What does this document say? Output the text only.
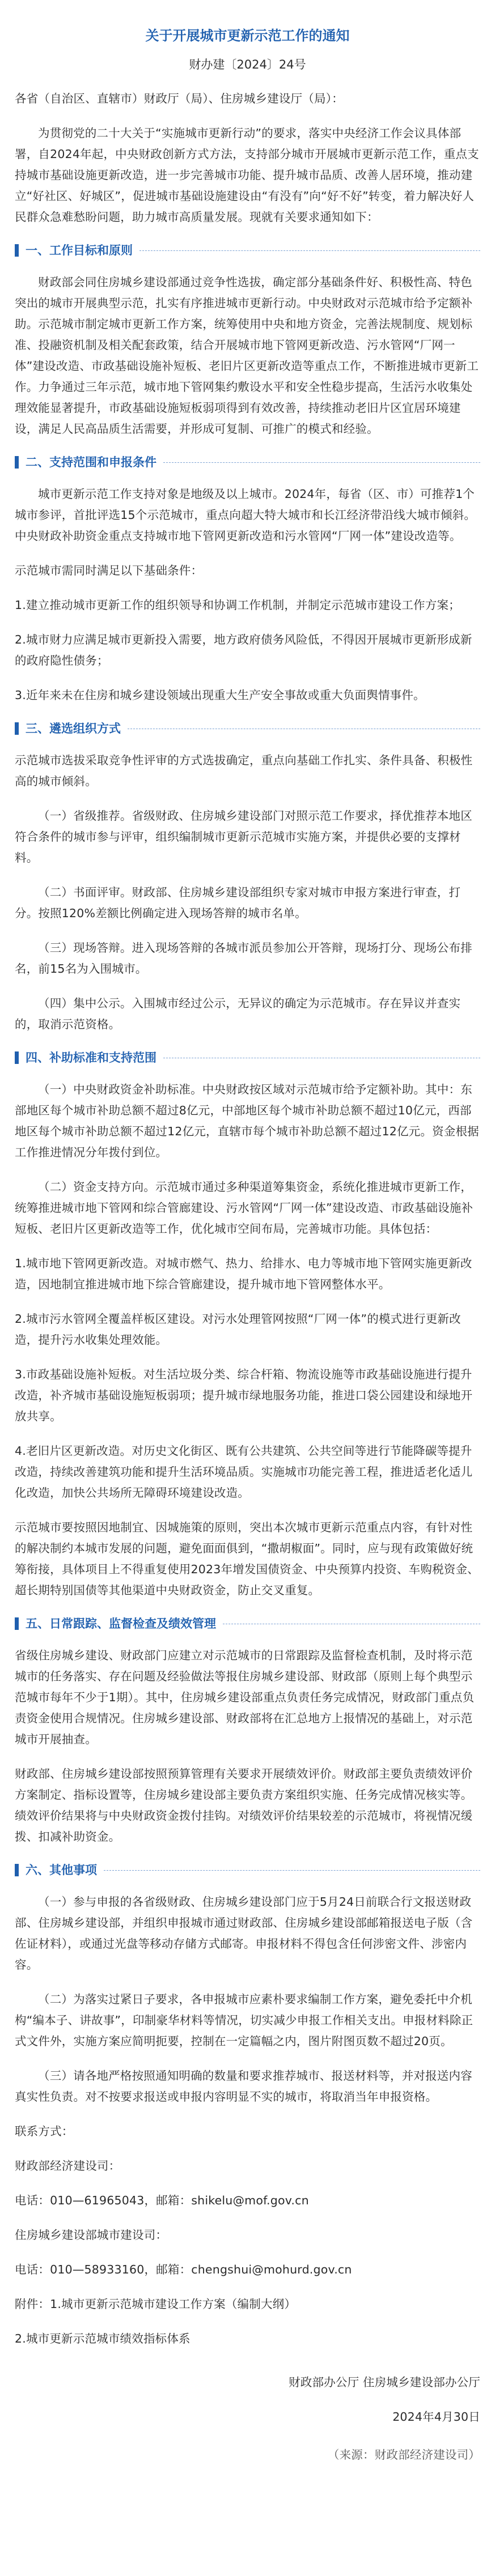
关于开展城市更新示范工作的通知
财办建〔2024〕24号

各省（自治区、直辖市）财政厅（局）、住房城乡建设厅（局）：

为贯彻党的二十大关于“实施城市更新行动”的要求，落实中央经济工作会议具体部署，自2024年起，中央财政创新方式方法，支持部分城市开展城市更新示范工作，重点支持城市基础设施更新改造，进一步完善城市功能、提升城市品质、改善人居环境，推动建立“好社区、好城区”，促进城市基础设施建设由“有没有”向“好不好”转变，着力解决好人民群众急难愁盼问题，助力城市高质量发展。现就有关要求通知如下：

一、工作目标和原则

财政部会同住房城乡建设部通过竞争性选拔，确定部分基础条件好、积极性高、特色突出的城市开展典型示范，扎实有序推进城市更新行动。中央财政对示范城市给予定额补助。示范城市制定城市更新工作方案，统筹使用中央和地方资金，完善法规制度、规划标准、投融资机制及相关配套政策，结合开展城市地下管网更新改造、污水管网“厂网一体”建设改造、市政基础设施补短板、老旧片区更新改造等重点工作，不断推进城市更新工作。力争通过三年示范，城市地下管网集约敷设水平和安全性稳步提高，生活污水收集处理效能显著提升，市政基础设施短板弱项得到有效改善，持续推动老旧片区宜居环境建设，满足人民高品质生活需要，并形成可复制、可推广的模式和经验。

二、支持范围和申报条件

城市更新示范工作支持对象是地级及以上城市。2024年，每省（区、市）可推荐1个城市参评，首批评选15个示范城市，重点向超大特大城市和长江经济带沿线大城市倾斜。中央财政补助资金重点支持城市地下管网更新改造和污水管网“厂网一体”建设改造等。

示范城市需同时满足以下基础条件：

1.建立推动城市更新工作的组织领导和协调工作机制，并制定示范城市建设工作方案；

2.城市财力应满足城市更新投入需要，地方政府债务风险低，不得因开展城市更新形成新的政府隐性债务；

3.近年来未在住房和城乡建设领域出现重大生产安全事故或重大负面舆情事件。

三、遴选组织方式

示范城市选拔采取竞争性评审的方式选拔确定，重点向基础工作扎实、条件具备、积极性高的城市倾斜。

（一）省级推荐。省级财政、住房城乡建设部门对照示范工作要求，择优推荐本地区符合条件的城市参与评审，组织编制城市更新示范城市实施方案，并提供必要的支撑材料。

（二）书面评审。财政部、住房城乡建设部组织专家对城市申报方案进行审查，打分。按照120%差额比例确定进入现场答辩的城市名单。

（三）现场答辩。进入现场答辩的各城市派员参加公开答辩，现场打分、现场公布排名，前15名为入围城市。

（四）集中公示。入围城市经过公示，无异议的确定为示范城市。存在异议并查实的，取消示范资格。

四、补助标准和支持范围

（一）中央财政资金补助标准。中央财政按区域对示范城市给予定额补助。其中：东部地区每个城市补助总额不超过8亿元，中部地区每个城市补助总额不超过10亿元，西部地区每个城市补助总额不超过12亿元，直辖市每个城市补助总额不超过12亿元。资金根据工作推进情况分年拨付到位。

（二）资金支持方向。示范城市通过多种渠道筹集资金，系统化推进城市更新工作，统筹推进城市地下管网和综合管廊建设、污水管网“厂网一体”建设改造、市政基础设施补短板、老旧片区更新改造等工作，优化城市空间布局，完善城市功能。具体包括：

1.城市地下管网更新改造。对城市燃气、热力、给排水、电力等城市地下管网实施更新改造，因地制宜推进城市地下综合管廊建设，提升城市地下管网整体水平。

2.城市污水管网全覆盖样板区建设。对污水处理管网按照“厂网一体”的模式进行更新改造，提升污水收集处理效能。

3.市政基础设施补短板。对生活垃圾分类、综合杆箱、物流设施等市政基础设施进行提升改造，补齐城市基础设施短板弱项；提升城市绿地服务功能，推进口袋公园建设和绿地开放共享。

4.老旧片区更新改造。对历史文化街区、既有公共建筑、公共空间等进行节能降碳等提升改造，持续改善建筑功能和提升生活环境品质。实施城市功能完善工程，推进适老化适儿化改造，加快公共场所无障碍环境建设改造。

示范城市要按照因地制宜、因城施策的原则，突出本次城市更新示范重点内容，有针对性的解决制约本城市发展的问题，避免面面俱到，“撒胡椒面”。同时，应与现有政策做好统筹衔接，具体项目上不得重复使用2023年增发国债资金、中央预算内投资、车购税资金、超长期特别国债等其他渠道中央财政资金，防止交叉重复。

五、日常跟踪、监督检查及绩效管理

省级住房城乡建设、财政部门应建立对示范城市的日常跟踪及监督检查机制，及时将示范城市的任务落实、存在问题及经验做法等报住房城乡建设部、财政部（原则上每个典型示范城市每年不少于1期）。其中，住房城乡建设部重点负责任务完成情况，财政部门重点负责资金使用合规情况。住房城乡建设部、财政部将在汇总地方上报情况的基础上，对示范城市开展抽查。

财政部、住房城乡建设部按照预算管理有关要求开展绩效评价。财政部主要负责绩效评价方案制定、指标设置等，住房城乡建设部主要负责方案组织实施、任务完成情况核实等。绩效评价结果将与中央财政资金拨付挂钩。对绩效评价结果较差的示范城市，将视情况缓拨、扣减补助资金。

六、其他事项

（一）参与申报的各省级财政、住房城乡建设部门应于5月24日前联合行文报送财政部、住房城乡建设部，并组织申报城市通过财政部、住房城乡建设部邮箱报送电子版（含佐证材料），或通过光盘等移动存储方式邮寄。申报材料不得包含任何涉密文件、涉密内容。

（二）为落实过紧日子要求，各申报城市应素朴要求编制工作方案，避免委托中介机构“编本子、讲故事”，印制豪华材料等情况，切实减少申报工作相关支出。申报材料除正式文件外，实施方案应简明扼要，控制在一定篇幅之内，图片附图页数不超过20页。

（三）请各地严格按照通知明确的数量和要求推荐城市、报送材料等，并对报送内容真实性负责。对不按要求报送或申报内容明显不实的城市，将取消当年申报资格。

联系方式：

财政部经济建设司：

电话：010—61965043，邮箱：shikelu@mof.gov.cn

住房城乡建设部城市建设司：

电话：010—58933160，邮箱：chengshui@mohurd.gov.cn

附件：1.城市更新示范城市建设工作方案（编制大纲）

2.城市更新示范城市绩效指标体系

财政部办公厅 住房城乡建设部办公厅

2024年4月30日

（来源：财政部经济建设司）
